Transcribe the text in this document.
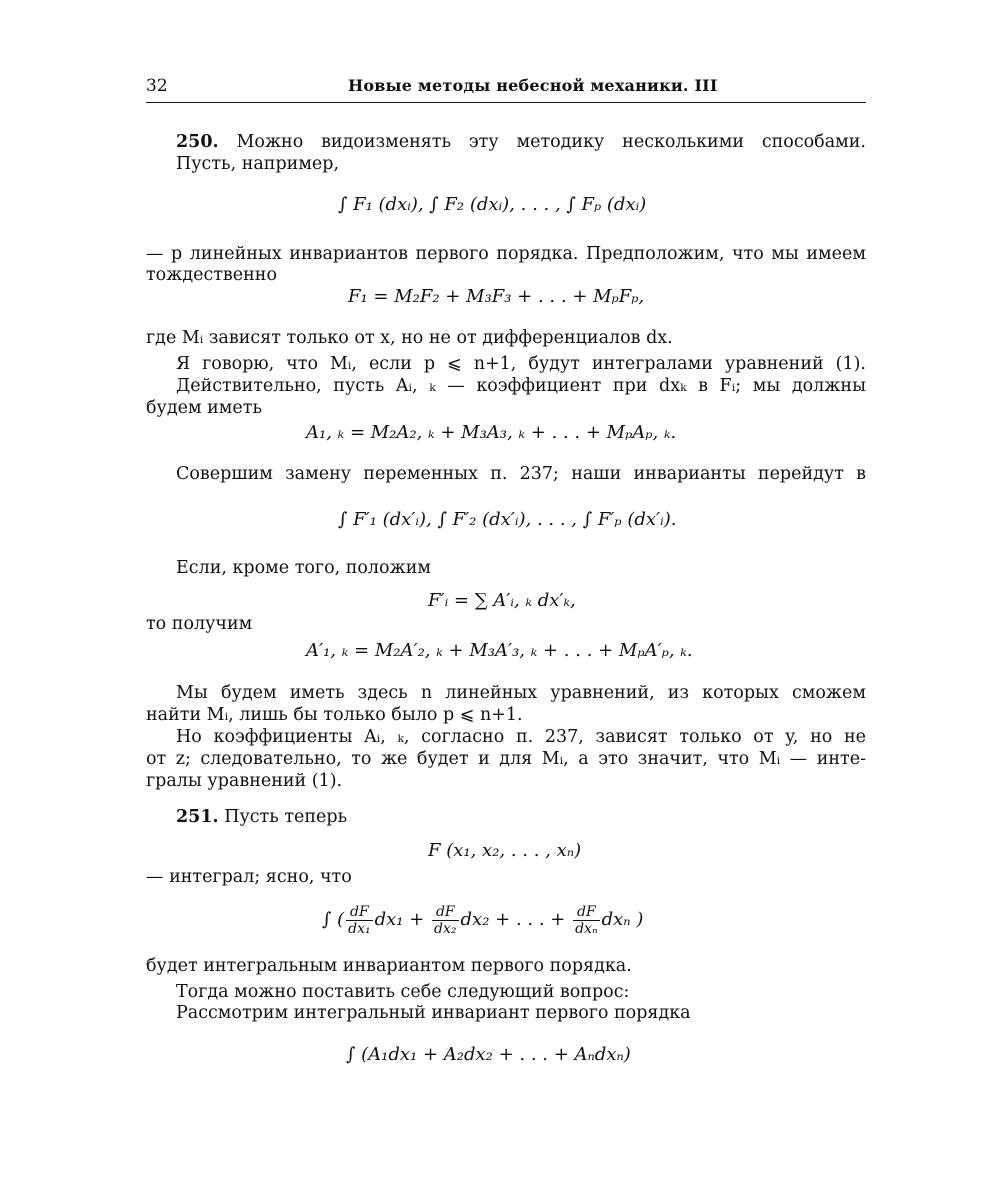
32	Новые методы небесной механики. III
250. Можно видоизменять эту методику несколькими способами.
Пусть, например,
∫ F₁ (dxᵢ), ∫ F₂ (dxᵢ), . . . , ∫ Fₚ (dxᵢ)
— p линейных инвариантов первого порядка. Предположим, что мы имеем
тождественно
F₁ = M₂F₂ + M₃F₃ + . . . + MₚFₚ,
где Mᵢ зависят только от x, но не от дифференциалов dx.
Я говорю, что Mᵢ, если p ⩽ n+1, будут интегралами уравнений (1).
Действительно, пусть Aᵢ, ₖ — коэффициент при dxₖ в Fᵢ; мы должны
будем иметь
A₁, ₖ = M₂A₂, ₖ + M₃A₃, ₖ + . . . + MₚAₚ, ₖ.
Совершим замену переменных п. 237; наши инварианты перейдут в
∫ F′₁ (dx′ᵢ), ∫ F′₂ (dx′ᵢ), . . . , ∫ F′ₚ (dx′ᵢ).
Если, кроме того, положим
F′ᵢ = ∑ A′ᵢ, ₖ dx′ₖ,
то получим
A′₁, ₖ = M₂A′₂, ₖ + M₃A′₃, ₖ + . . . + MₚA′ₚ, ₖ.
Мы будем иметь здесь n линейных уравнений, из которых сможем
найти Mᵢ, лишь бы только было p ⩽ n+1.
Но коэффициенты Aᵢ, ₖ, согласно п. 237, зависят только от y, но не
от z; следовательно, то же будет и для Mᵢ, а это значит, что Mᵢ — инте-
гралы уравнений (1).
251. Пусть теперь
F (x₁, x₂, . . . , xₙ)
— интеграл; ясно, что
∫ ( $\frac{dF}{\text{dx₁}} dx_1 + \frac{dF}{\text{dx₂}} dx_2$ + . . . + $\frac{dF}{\text{dxₙ}}$ dxₙ )
будет интегральным инвариантом первого порядка.
Тогда можно поставить себе следующий вопрос:
Рассмотрим интегральный инвариант первого порядка
∫ (A₁dx₁ + A₂dx₂ + . . . + Aₙdxₙ)
